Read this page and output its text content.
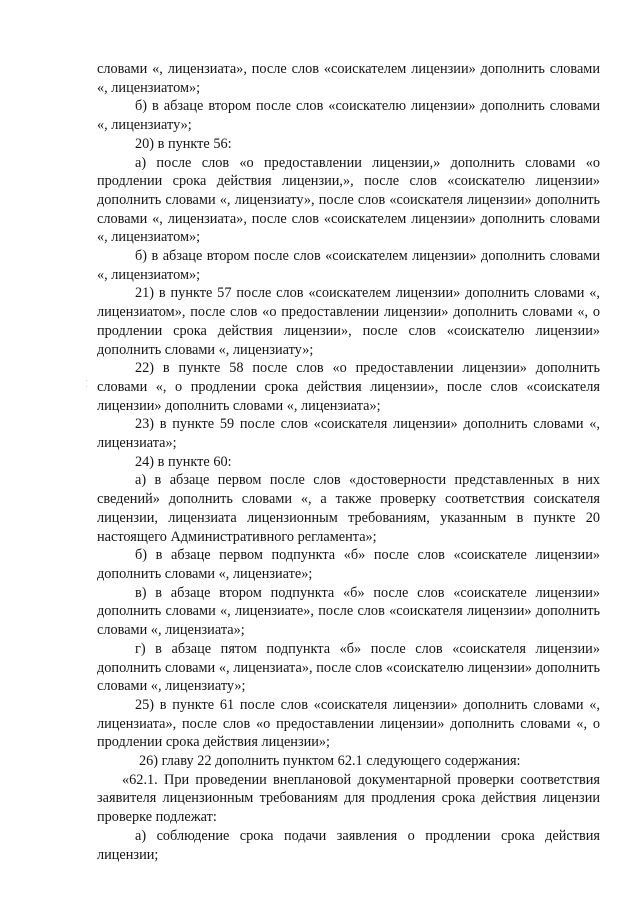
словами «, лицензиата», после слов «соискателем лицензии» дополнить словами «, лицензиатом»;

б) в абзаце втором после слов «соискателю лицензии» дополнить словами «, лицензиату»;

20) в пункте 56:

а) после слов «о предоставлении лицензии,» дополнить словами «о продлении срока действия лицензии,», после слов «соискателю лицензии» дополнить словами «, лицензиату», после слов «соискателя лицензии» дополнить словами «, лицензиата», после слов «соискателем лицензии» дополнить словами «, лицензиатом»;

б) в абзаце втором после слов «соискателем лицензии» дополнить словами «, лицензиатом»;

21) в пункте 57 после слов «соискателем лицензии» дополнить словами «, лицензиатом», после слов «о предоставлении лицензии» дополнить словами «, о продлении срока действия лицензии», после слов «соискателю лицензии» дополнить словами «, лицензиату»;

22) в пункте 58 после слов «о предоставлении лицензии» дополнить словами «, о продлении срока действия лицензии», после слов «соискателя лицензии» дополнить словами «, лицензиата»;

23) в пункте 59 после слов «соискателя лицензии» дополнить словами «, лицензиата»;

24) в пункте 60:

а) в абзаце первом после слов «достоверности представленных в них сведений» дополнить словами «, а также проверку соответствия соискателя лицензии, лицензиата лицензионным требованиям, указанным в пункте 20 настоящего Административного регламента»;

б) в абзаце первом подпункта «б» после слов «соискателе лицензии» дополнить словами «, лицензиате»;

в) в абзаце втором подпункта «б» после слов «соискателе лицензии» дополнить словами «, лицензиате», после слов «соискателя лицензии» дополнить словами «, лицензиата»;

г) в абзаце пятом подпункта «б» после слов «соискателя лицензии» дополнить словами «, лицензиата», после слов «соискателю лицензии» дополнить словами «, лицензиату»;

25) в пункте 61 после слов «соискателя лицензии» дополнить словами «, лицензиата», после слов «о предоставлении лицензии» дополнить словами «, о продлении срока действия лицензии»;

26) главу 22 дополнить пунктом 62.1 следующего содержания:

«62.1. При проведении внеплановой документарной проверки соответствия заявителя лицензионным требованиям для продления срока действия лицензии проверке подлежат:

а) соблюдение срока подачи заявления о продлении срока действия лицензии;
